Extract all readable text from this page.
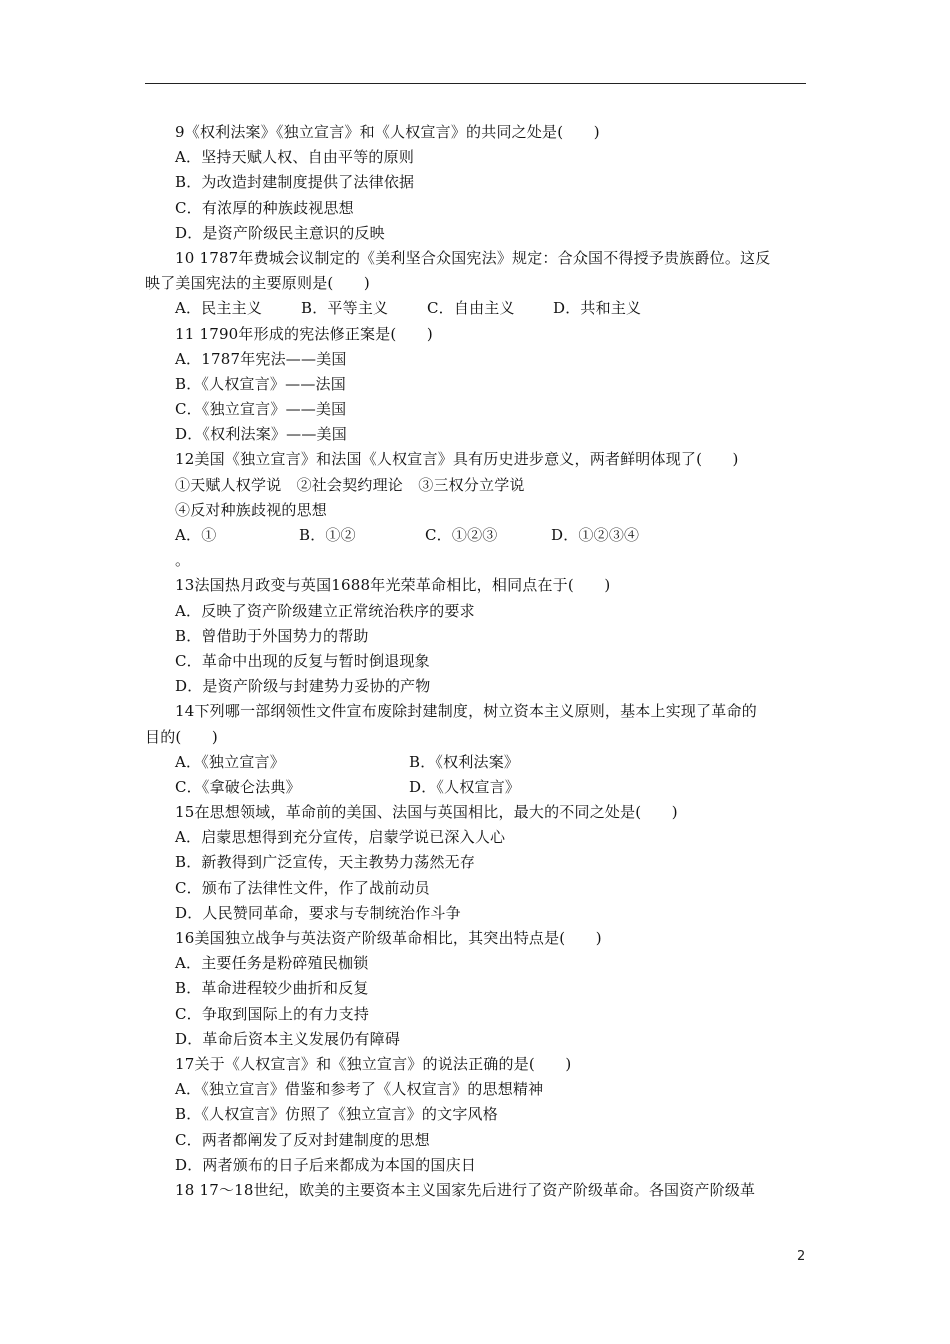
9《权利法案》《独立宣言》和《人权宣言》的共同之处是(　　)
A．坚持天赋人权、自由平等的原则
B．为改造封建制度提供了法律依据
C．有浓厚的种族歧视思想
D．是资产阶级民主意识的反映
10 1787年费城会议制定的《美利坚合众国宪法》规定：合众国不得授予贵族爵位。这反
映了美国宪法的主要原则是(　　)
A．民主主义	B．平等主义	C．自由主义	D．共和主义
11 1790年形成的宪法修正案是(　　)
A．1787年宪法——美国
B．《人权宣言》——法国
C．《独立宣言》——美国
D．《权利法案》——美国
12美国《独立宣言》和法国《人权宣言》具有历史进步意义，两者鲜明体现了(　　)
①天赋人权学说　②社会契约理论　③三权分立学说
④反对种族歧视的思想
A．①	B．①②	C．①②③	D．①②③④
。
13法国热月政变与英国1688年光荣革命相比，相同点在于(　　)
A．反映了资产阶级建立正常统治秩序的要求
B．曾借助于外国势力的帮助
C．革命中出现的反复与暂时倒退现象
D．是资产阶级与封建势力妥协的产物
14下列哪一部纲领性文件宣布废除封建制度，树立资本主义原则，基本上实现了革命的
目的(　　)
A．《独立宣言》	B．《权利法案》
C．《拿破仑法典》	D．《人权宣言》
15在思想领域，革命前的美国、法国与英国相比，最大的不同之处是(　　)
A．启蒙思想得到充分宣传，启蒙学说已深入人心
B．新教得到广泛宣传，天主教势力荡然无存
C．颁布了法律性文件，作了战前动员
D．人民赞同革命，要求与专制统治作斗争
16美国独立战争与英法资产阶级革命相比，其突出特点是(　　)
A．主要任务是粉碎殖民枷锁
B．革命进程较少曲折和反复
C．争取到国际上的有力支持
D．革命后资本主义发展仍有障碍
17关于《人权宣言》和《独立宣言》的说法正确的是(　　)
A．《独立宣言》借鉴和参考了《人权宣言》的思想精神
B．《人权宣言》仿照了《独立宣言》的文字风格
C．两者都阐发了反对封建制度的思想
D．两者颁布的日子后来都成为本国的国庆日
18 17～18世纪，欧美的主要资本主义国家先后进行了资产阶级革命。各国资产阶级革
2
